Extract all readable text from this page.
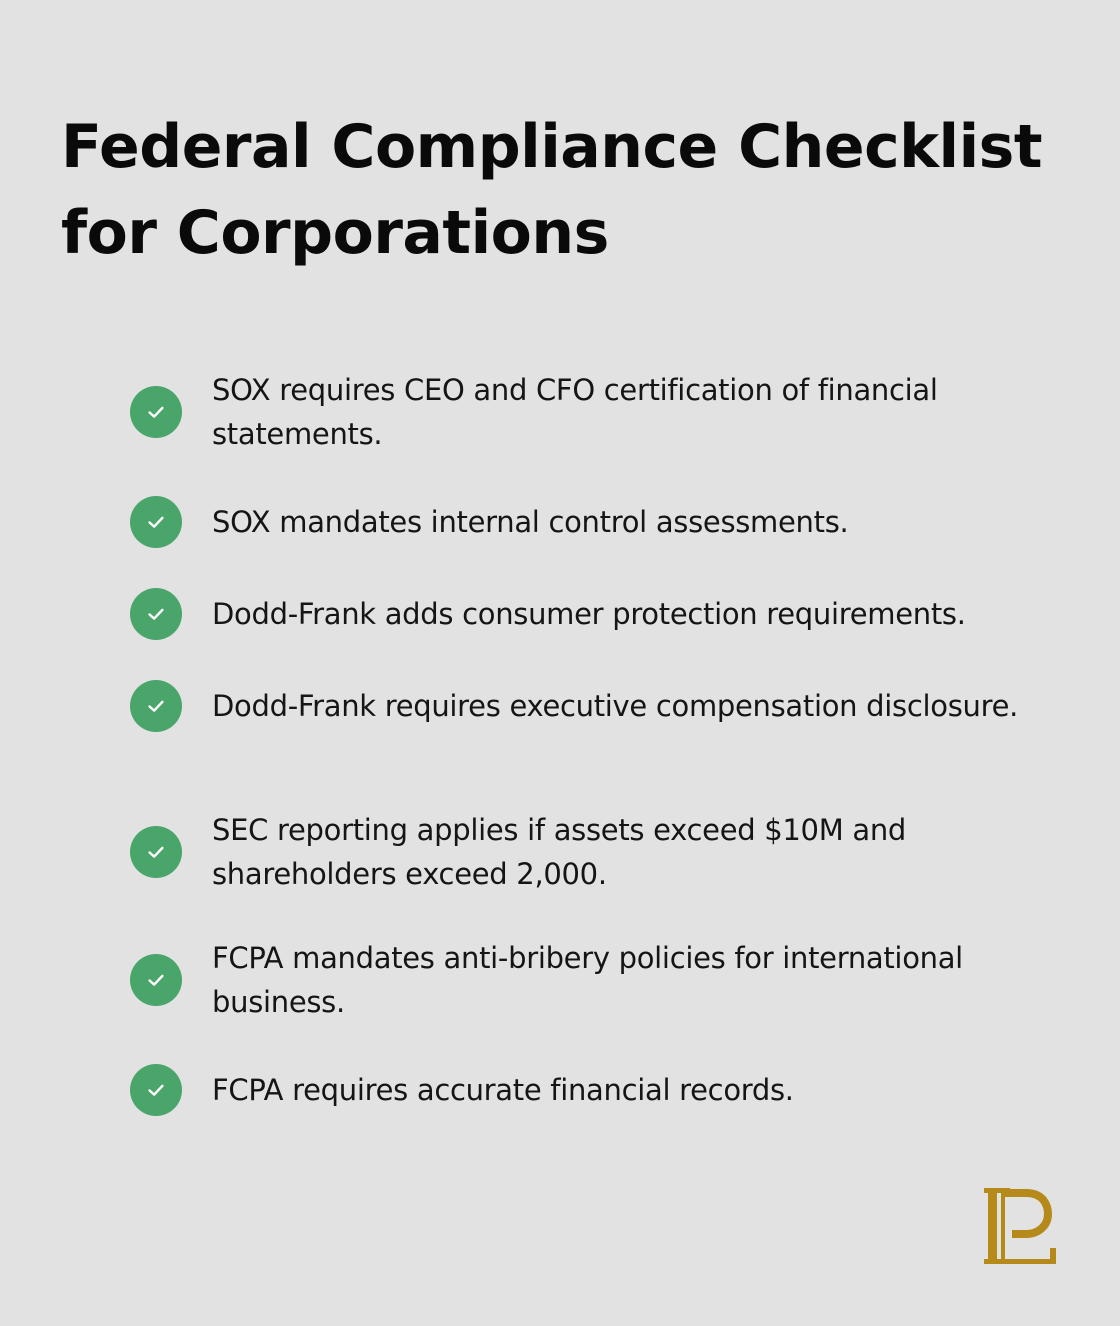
Federal Compliance Checklist for Corporations
SOX requires CEO and CFO certification of financial statements.
SOX mandates internal control assessments.
Dodd-Frank adds consumer protection requirements.
Dodd-Frank requires executive compensation disclosure.
SEC reporting applies if assets exceed $10M and shareholders exceed 2,000.
FCPA mandates anti-bribery policies for international business.
FCPA requires accurate financial records.
